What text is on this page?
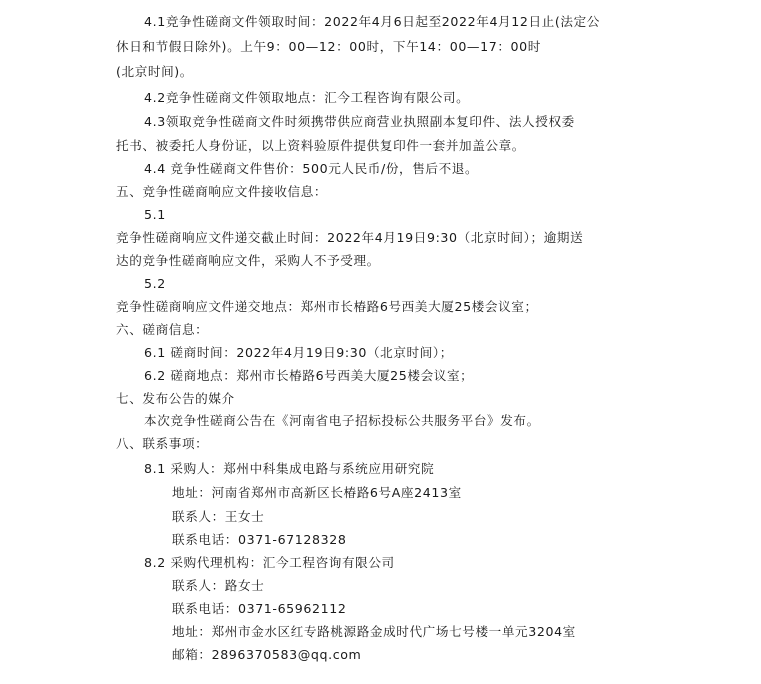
4.1竞争性磋商文件领取时间：2022年4月6日起至2022年4月12日止(法定公
休日和节假日除外)。上午9：00—12：00时，下午14：00—17：00时
(北京时间)。
4.2竞争性磋商文件领取地点：汇今工程咨询有限公司。
4.3领取竞争性磋商文件时须携带供应商营业执照副本复印件、法人授权委
托书、被委托人身份证，以上资料验原件提供复印件一套并加盖公章。
4.4 竞争性磋商文件售价：500元人民币/份，售后不退。
五、竞争性磋商响应文件接收信息：
5.1
竞争性磋商响应文件递交截止时间：2022年4月19日9:30（北京时间）；逾期送
达的竞争性磋商响应文件，采购人不予受理。
5.2
竞争性磋商响应文件递交地点：郑州市长椿路6号西美大厦25楼会议室；
六、磋商信息：
6.1 磋商时间：2022年4月19日9:30（北京时间）；
6.2 磋商地点：郑州市长椿路6号西美大厦25楼会议室；
七、发布公告的媒介
本次竞争性磋商公告在《河南省电子招标投标公共服务平台》发布。
八、联系事项：
8.1 采购人：郑州中科集成电路与系统应用研究院
地址：河南省郑州市高新区长椿路6号A座2413室
联系人：王女士
联系电话：0371-67128328
8.2 采购代理机构：汇今工程咨询有限公司
联系人：路女士
联系电话：0371-65962112
地址：郑州市金水区红专路桃源路金成时代广场七号楼一单元3204室
邮箱：2896370583@qq.com
